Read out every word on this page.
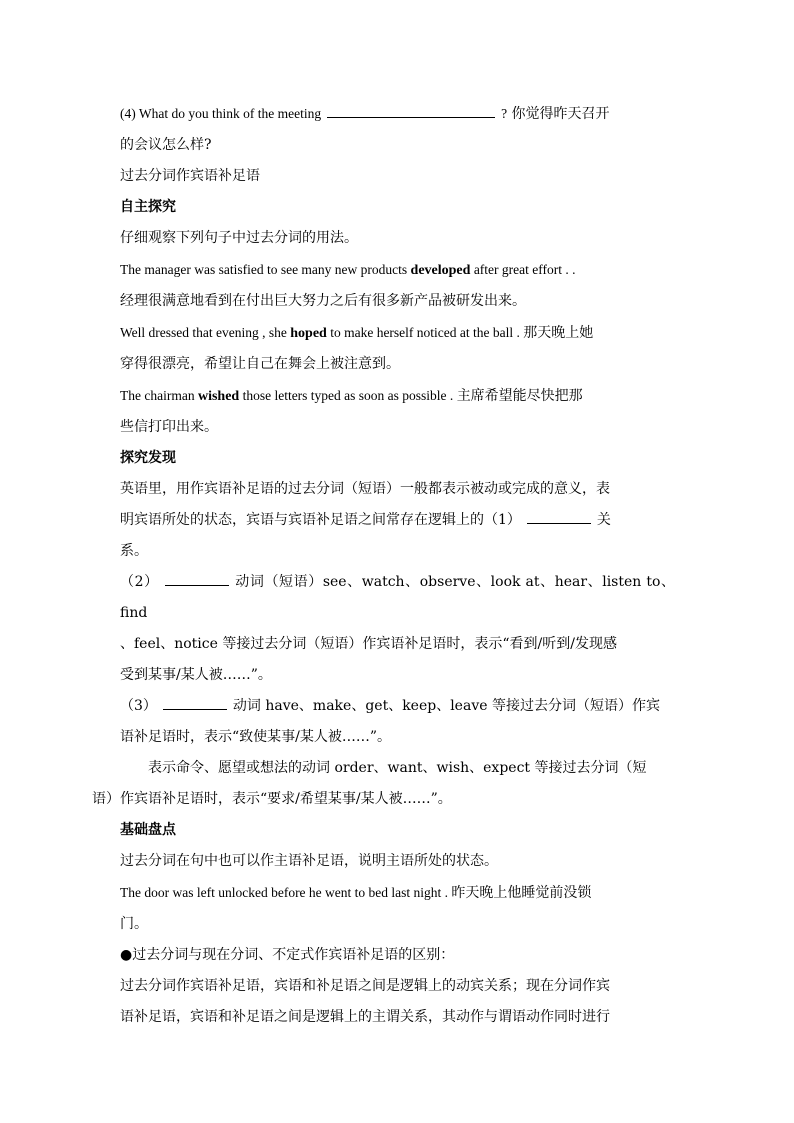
(4) What do you think of the meeting	? 你觉得昨天召开
的会议怎么样?

过去分词作宾语补足语

自主探究

仔细观察下列句子中过去分词的用法。

The manager was satisfied to see many new products developed after great effort . .
经理很满意地看到在付出巨大努力之后有很多新产品被研发出来。

Well dressed that evening , she hoped to make herself noticed at the ball . 那天晚上她
穿得很漂亮，希望让自己在舞会上被注意到。

The chairman wished those letters typed as soon as possible . 主席希望能尽快把那
些信打印出来。

探究发现

英语里，用作宾语补足语的过去分词（短语）一般都表示被动或完成的意义，表
明宾语所处的状态，宾语与宾语补足语之间常存在逻辑上的（1）	关
系。

（2）	动词（短语）see、watch、observe、look at、hear、listen to、find
、feel、notice 等接过去分词（短语）作宾语补足语时，表示“看到/听到/发现感
受到某事/某人被……”。

（3）	动词 have、make、get、keep、leave 等接过去分词（短语）作宾
语补足语时，表示“致使某事/某人被……”。

表示命令、愿望或想法的动词 order、want、wish、expect 等接过去分词（短
语）作宾语补足语时，表示“要求/希望某事/某人被……”。

基础盘点

过去分词在句中也可以作主语补足语，说明主语所处的状态。

The door was left unlocked before he went to bed last night . 昨天晚上他睡觉前没锁
门。

●过去分词与现在分词、不定式作宾语补足语的区别：

过去分词作宾语补足语，宾语和补足语之间是逻辑上的动宾关系；现在分词作宾
语补足语，宾语和补足语之间是逻辑上的主谓关系，其动作与谓语动作同时进行
